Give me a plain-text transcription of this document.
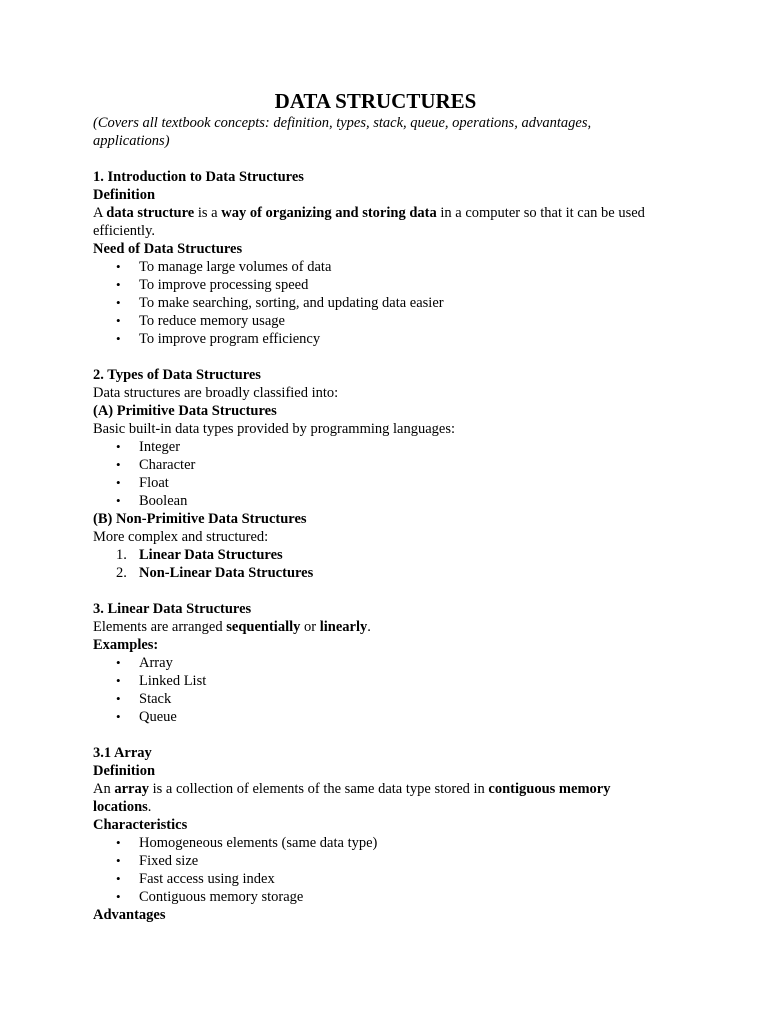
DATA STRUCTURES

(Covers all textbook concepts: definition, types, stack, queue, operations, advantages, applications)

1. Introduction to Data Structures

Definition

A data structure is a way of organizing and storing data in a computer so that it can be used efficiently.

Need of Data Structures

• To manage large volumes of data
• To improve processing speed
• To make searching, sorting, and updating data easier
• To reduce memory usage
• To improve program efficiency

2. Types of Data Structures

Data structures are broadly classified into:

(A) Primitive Data Structures

Basic built-in data types provided by programming languages:

• Integer
• Character
• Float
• Boolean

(B) Non-Primitive Data Structures

More complex and structured:

1. Linear Data Structures
2. Non-Linear Data Structures

3. Linear Data Structures

Elements are arranged sequentially or linearly.

Examples:

• Array
• Linked List
• Stack
• Queue

3.1 Array

Definition

An array is a collection of elements of the same data type stored in contiguous memory locations.

Characteristics

• Homogeneous elements (same data type)
• Fixed size
• Fast access using index
• Contiguous memory storage

Advantages
